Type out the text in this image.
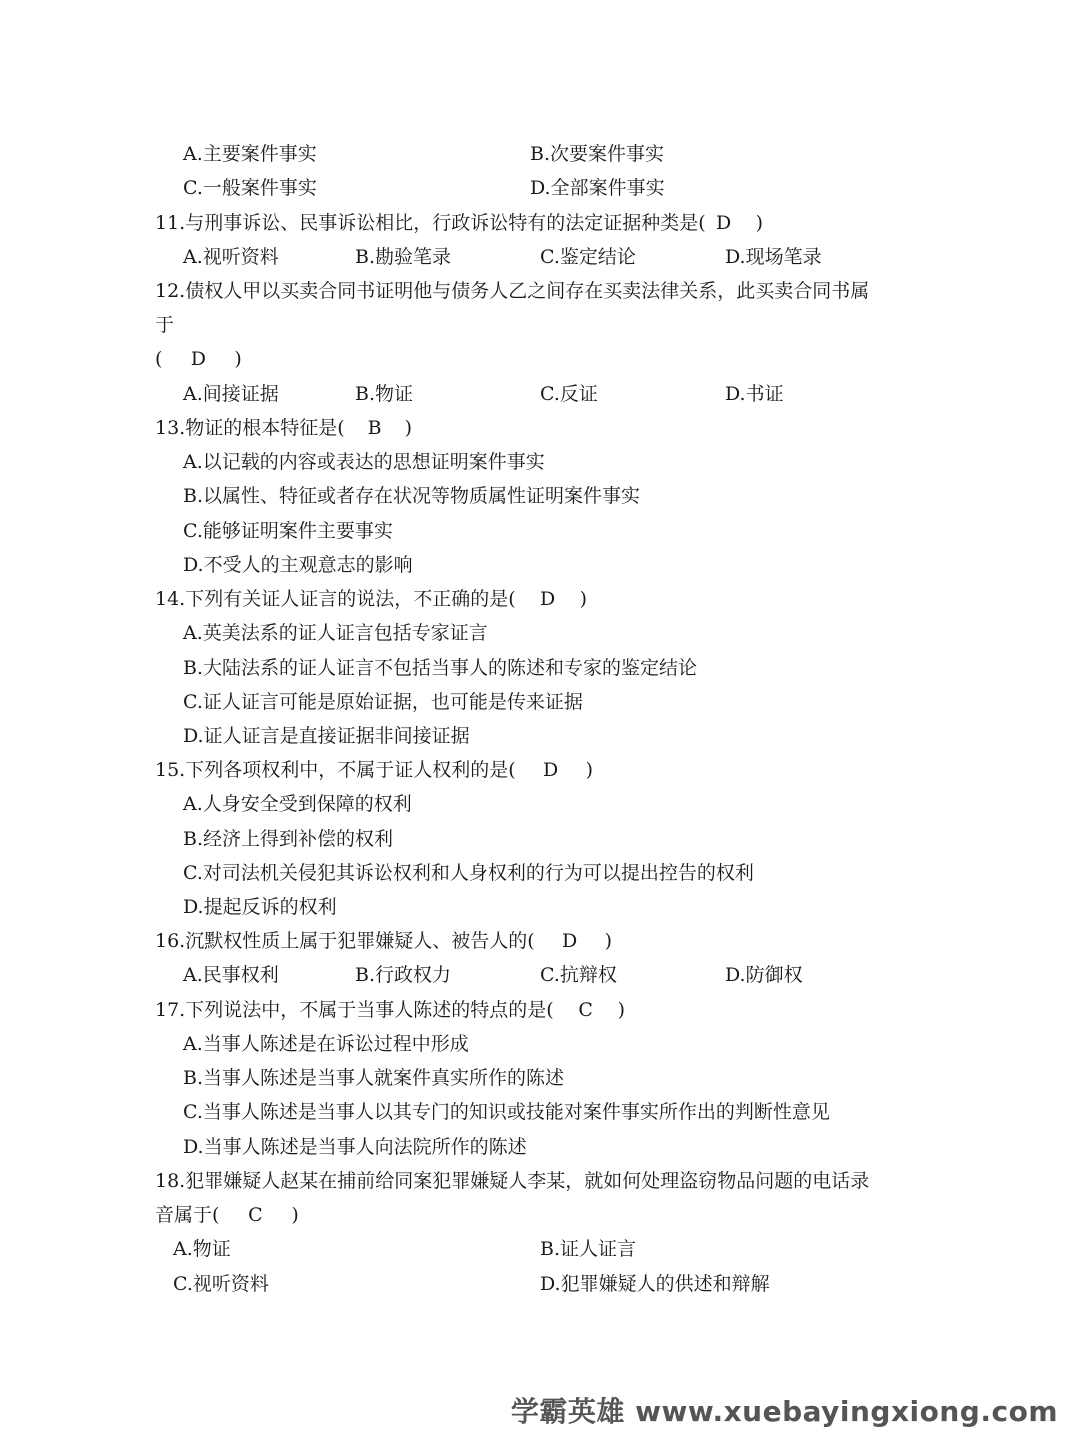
A.主要案件事实	B.次要案件事实
C.一般案件事实	D.全部案件事实
11.与刑事诉讼、民事诉讼相比，行政诉讼特有的法定证据种类是( D )
A.视听资料	B.勘验笔录	C.鉴定结论	D.现场笔录
12.债权人甲以买卖合同书证明他与债务人乙之间存在买卖法律关系，此买卖合同书属
于
( D )
A.间接证据	B.物证	C.反证	D.书证
13.物证的根本特征是( B )
A.以记载的内容或表达的思想证明案件事实
B.以属性、特征或者存在状况等物质属性证明案件事实
C.能够证明案件主要事实
D.不受人的主观意志的影响
14.下列有关证人证言的说法，不正确的是( D )
A.英美法系的证人证言包括专家证言
B.大陆法系的证人证言不包括当事人的陈述和专家的鉴定结论
C.证人证言可能是原始证据，也可能是传来证据
D.证人证言是直接证据非间接证据
15.下列各项权利中，不属于证人权利的是( D )
A.人身安全受到保障的权利
B.经济上得到补偿的权利
C.对司法机关侵犯其诉讼权利和人身权利的行为可以提出控告的权利
D.提起反诉的权利
16.沉默权性质上属于犯罪嫌疑人、被告人的( D )
A.民事权利	B.行政权力	C.抗辩权	D.防御权
17.下列说法中，不属于当事人陈述的特点的是( C )
A.当事人陈述是在诉讼过程中形成
B.当事人陈述是当事人就案件真实所作的陈述
C.当事人陈述是当事人以其专门的知识或技能对案件事实所作出的判断性意见
D.当事人陈述是当事人向法院所作的陈述
18.犯罪嫌疑人赵某在捕前给同案犯罪嫌疑人李某，就如何处理盗窃物品问题的电话录
音属于( C )
A.物证	B.证人证言
C.视听资料	D.犯罪嫌疑人的供述和辩解
学霸英雄 www.xuebayingxiong.com
